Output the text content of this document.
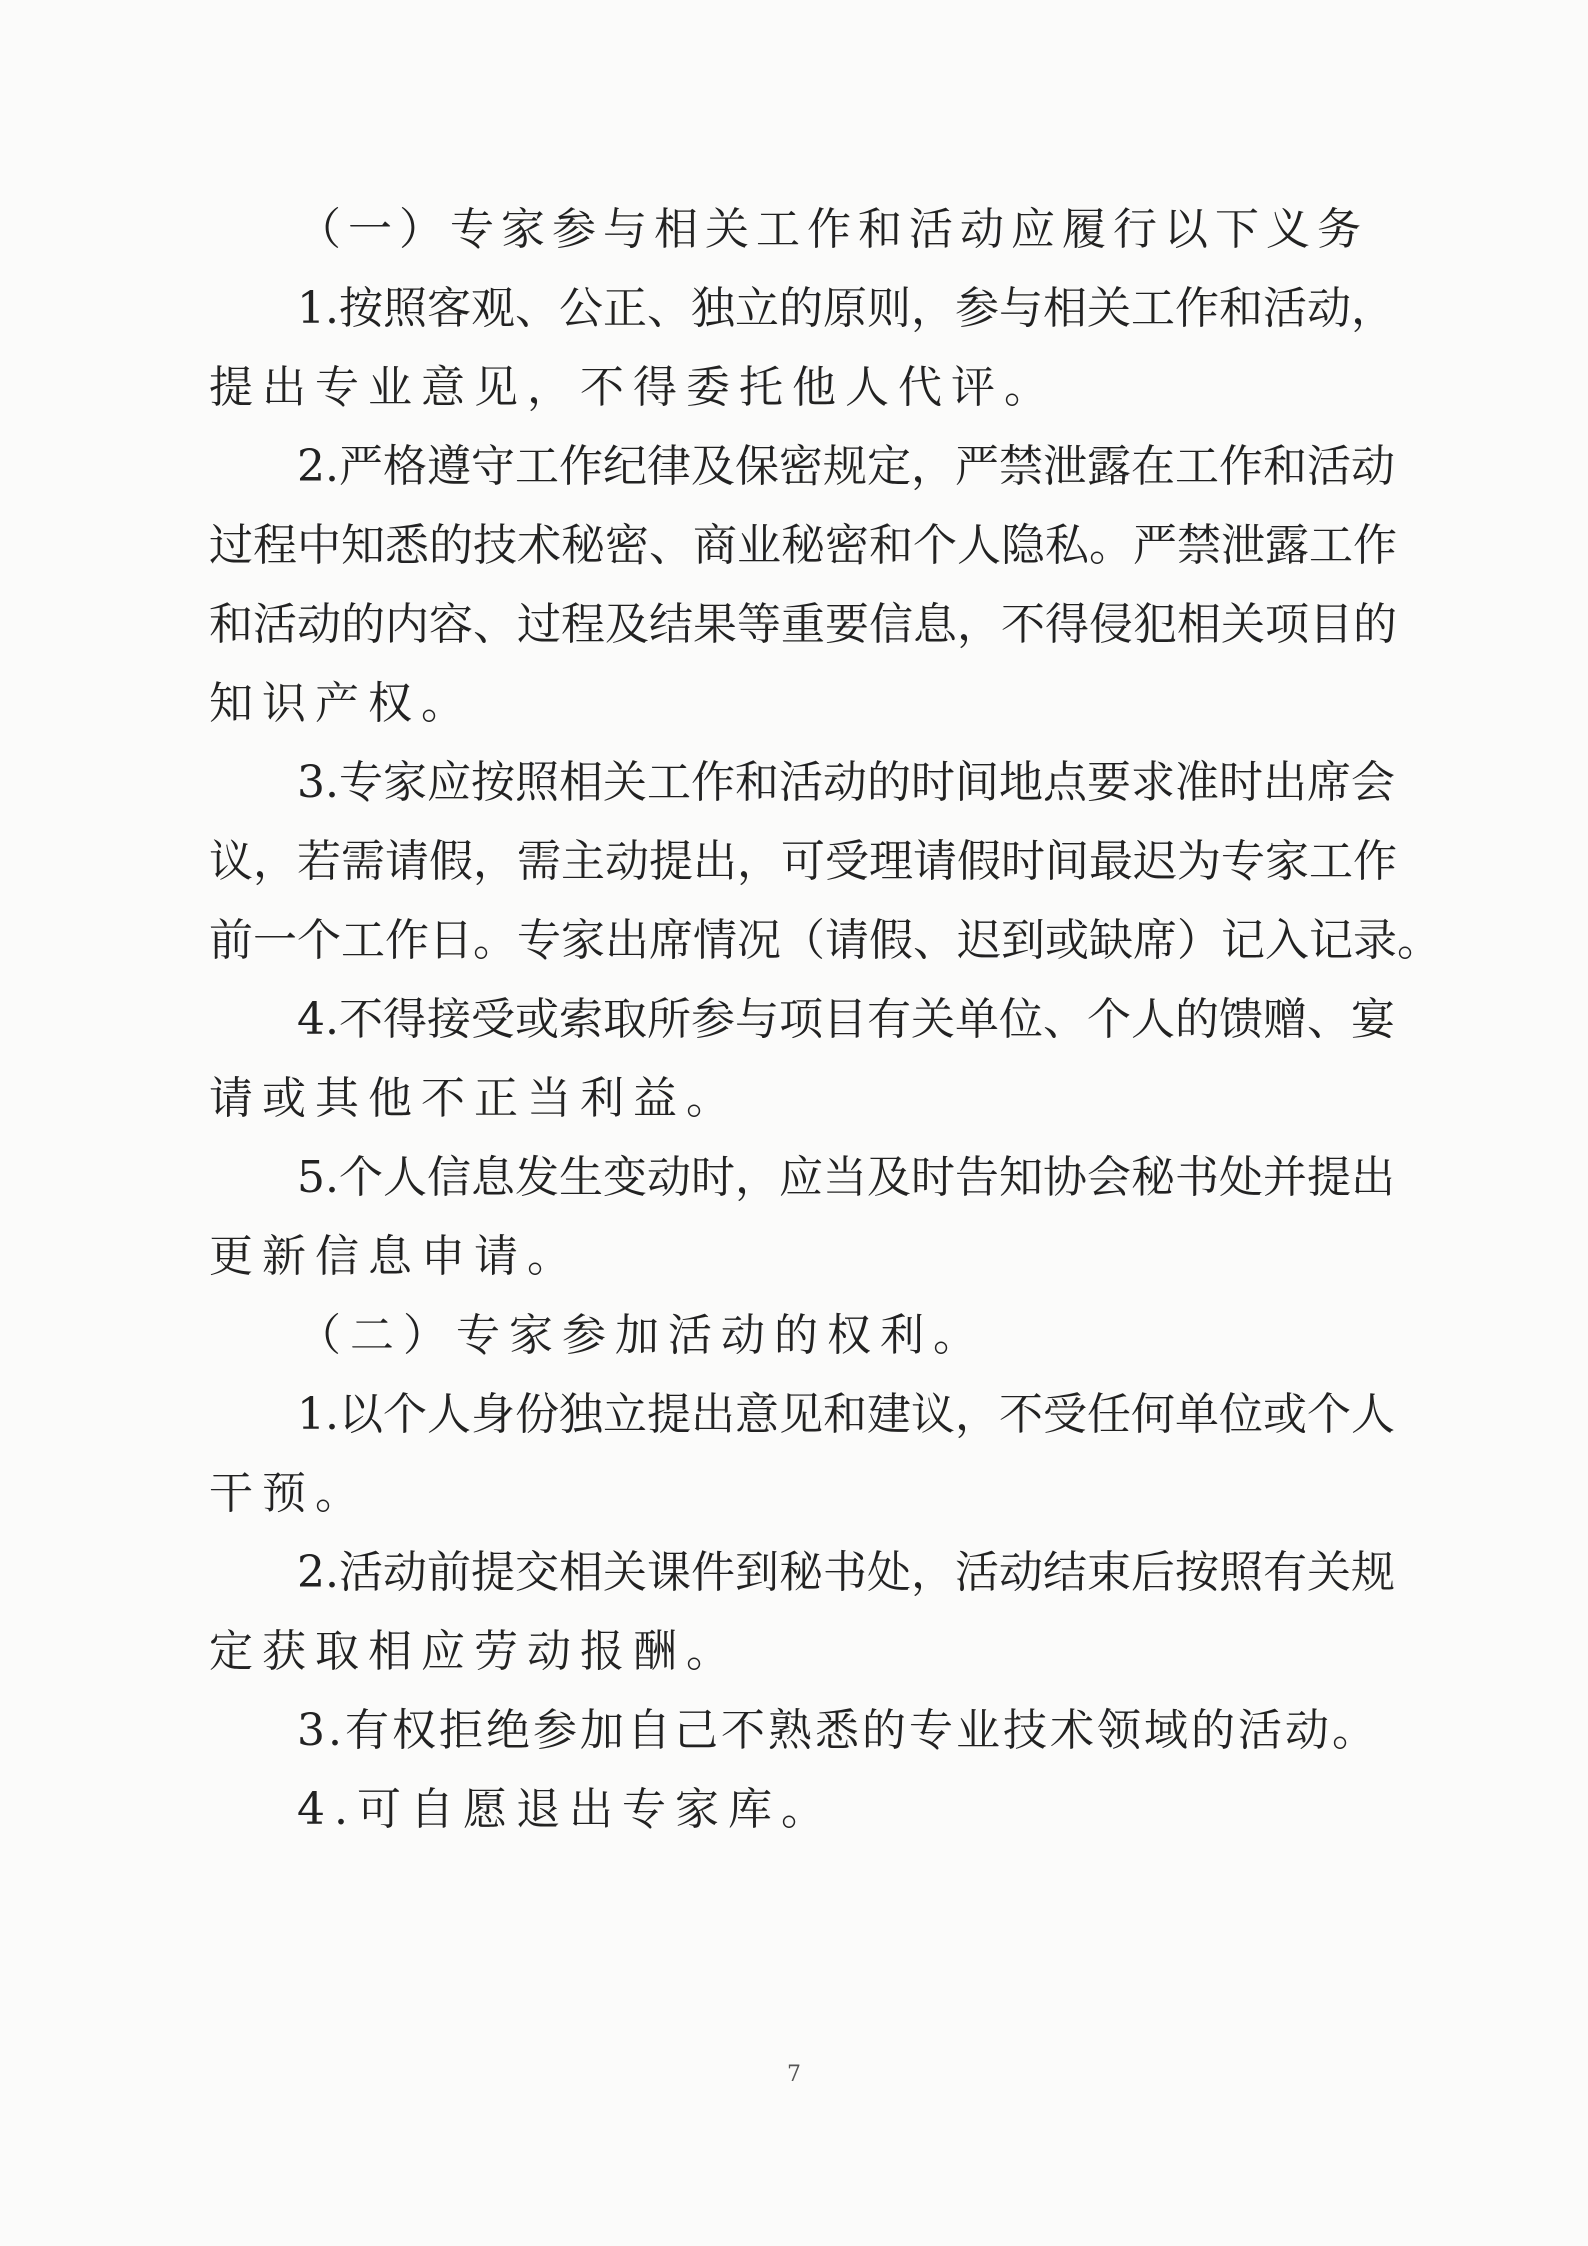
（一）专家参与相关工作和活动应履行以下义务
1.按照客观、公正、独立的原则，参与相关工作和活动，
提出专业意见，不得委托他人代评。
2.严格遵守工作纪律及保密规定，严禁泄露在工作和活动
过程中知悉的技术秘密、商业秘密和个人隐私。严禁泄露工作
和活动的内容、过程及结果等重要信息，不得侵犯相关项目的
知识产权。
3.专家应按照相关工作和活动的时间地点要求准时出席会
议，若需请假，需主动提出，可受理请假时间最迟为专家工作
前一个工作日。专家出席情况（请假、迟到或缺席）记入记录。
4.不得接受或索取所参与项目有关单位、个人的馈赠、宴
请或其他不正当利益。
5.个人信息发生变动时，应当及时告知协会秘书处并提出
更新信息申请。
（二）专家参加活动的权利。
1.以个人身份独立提出意见和建议，不受任何单位或个人
干预。
2.活动前提交相关课件到秘书处，活动结束后按照有关规
定获取相应劳动报酬。
3.有权拒绝参加自己不熟悉的专业技术领域的活动。
4.可自愿退出专家库。
7
